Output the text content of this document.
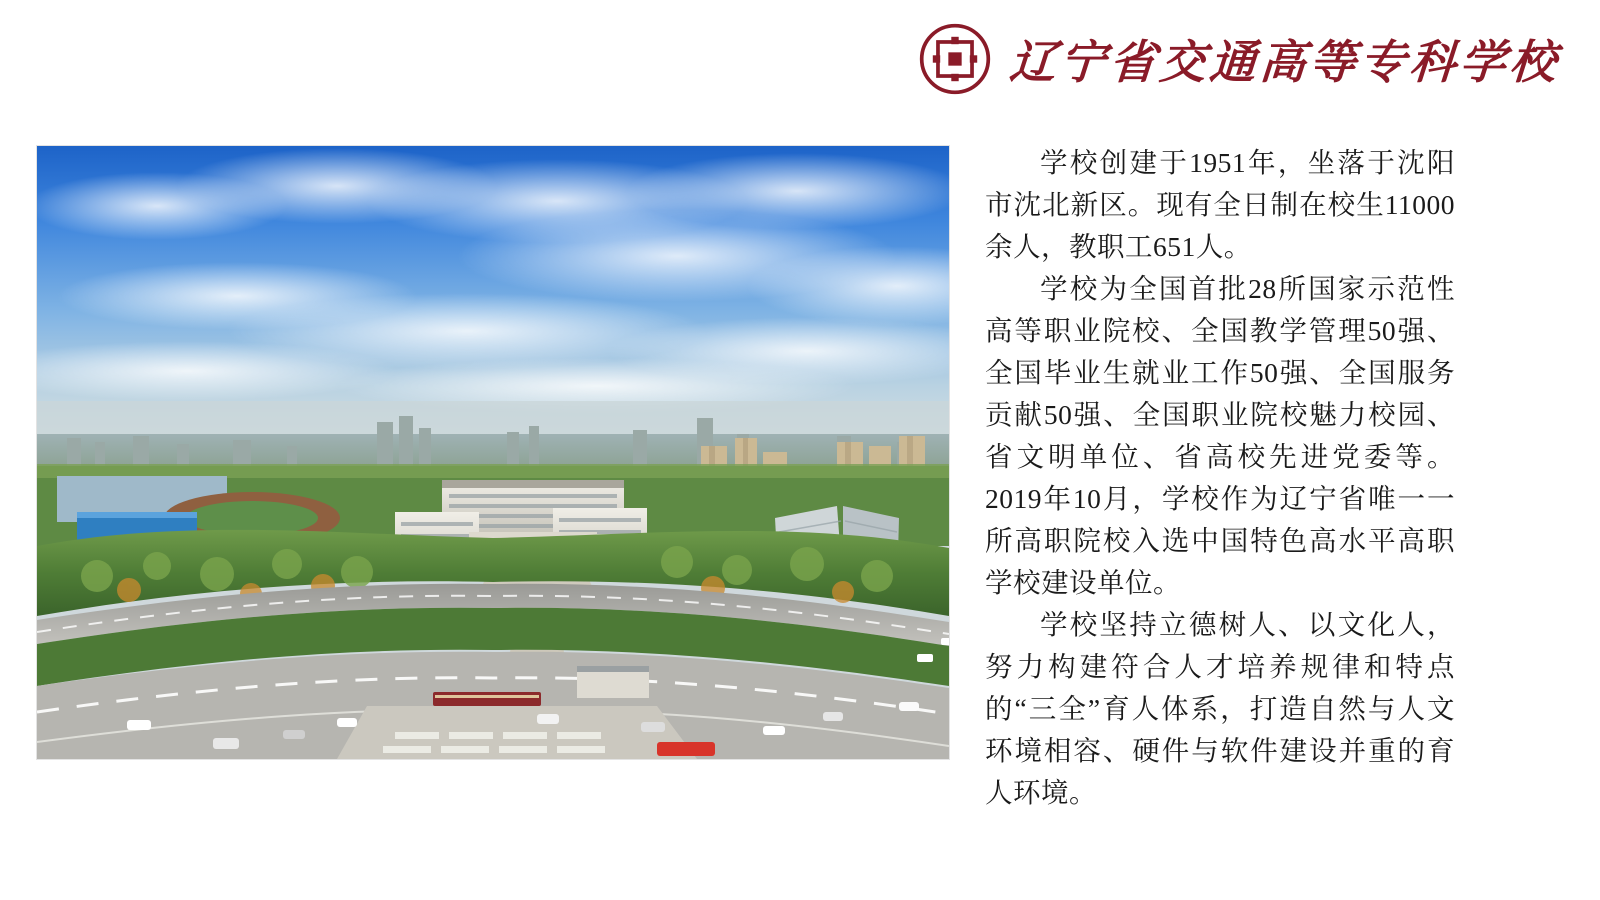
辽宁省交通高等专科学校

学校创建于1951年，坐落于沈阳市沈北新区。现有全日制在校生11000余人，教职工651人。

学校为全国首批28所国家示范性高等职业院校、全国教学管理50强、全国毕业生就业工作50强、全国服务贡献50强、全国职业院校魅力校园、省文明单位、省高校先进党委等。2019年10月，学校作为辽宁省唯一一所高职院校入选中国特色高水平高职学校建设单位。

学校坚持立德树人、以文化人，努力构建符合人才培养规律和特点的“三全”育人体系，打造自然与人文环境相容、硬件与软件建设并重的育人环境。
